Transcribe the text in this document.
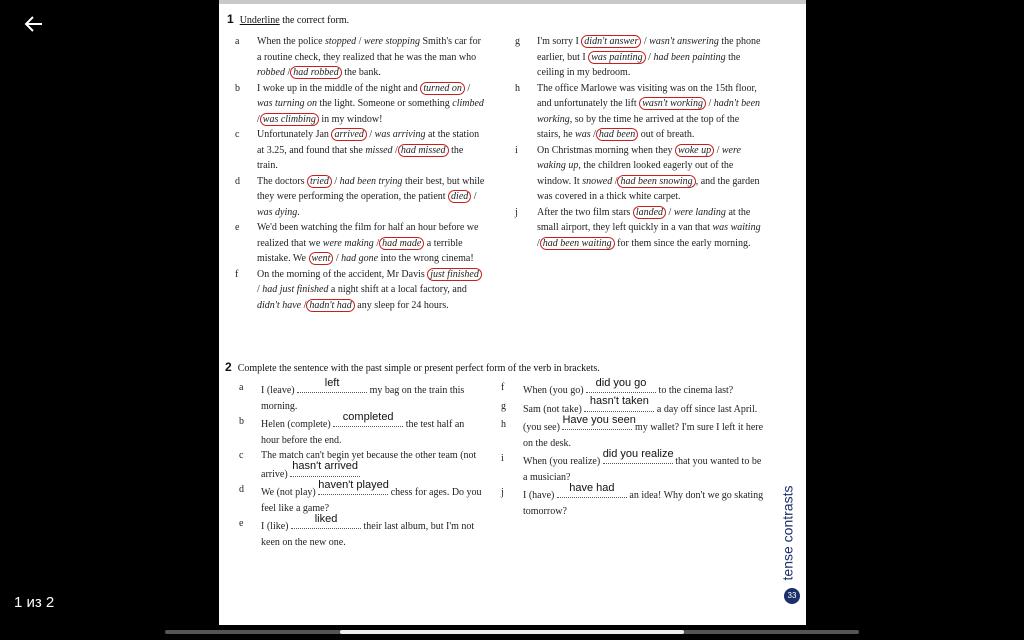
1 из 2
1 Underline the correct form.

a When the police stopped / were stopping Smith's car for a routine check, they realized that he was the man who robbed / had robbed the bank.

b I woke up in the middle of the night and turned on / was turning on the light. Someone or something climbed / was climbing in my window!

c Unfortunately Jan arrived / was arriving at the station at 3.25, and found that she missed / had missed the train.

d The doctors tried / had been trying their best, but while they were performing the operation, the patient died / was dying.

e We'd been watching the film for half an hour before we realized that we were making / had made a terrible mistake. We went / had gone into the wrong cinema!

f On the morning of the accident, Mr Davis just finished / had just finished a night shift at a local factory, and didn't have / hadn't had any sleep for 24 hours.

g I'm sorry I didn't answer / wasn't answering the phone earlier, but I was painting / had been painting the ceiling in my bedroom.

h The office Marlowe was visiting was on the 15th floor, and unfortunately the lift wasn't working / hadn't been working, so by the time he arrived at the top of the stairs, he was / had been out of breath.

i On Christmas morning when they woke up / were waking up, the children looked eagerly out of the window. It snowed / had been snowing , and the garden was covered in a thick white carpet.

j After the two film stars landed / were landing at the small airport, they left quickly in a van that was waiting / had been waiting for them since the early morning.

2 Complete the sentence with the past simple or present perfect form of the verb in brackets.

a I (leave)
left
my bag on the train this morning.

b Helen (complete)
completed
the test half an hour before the end.

c The match can't begin yet because the other team (not arrive)
hasn't arrived

d We (not play)
haven't played
chess for ages. Do you feel like a game?

e I (like)
liked
their last album, but I'm not keen on the new one.

f When (you go)
did you go
to the cinema last?

g Sam (not take)
hasn't taken
a day off since last April.

h (you see)
Have you seen
my wallet? I'm sure I left it here on the desk.

i When (you realize)
did you realize
that you wanted to be a musician?

j I (have)
have had
an idea! Why don't we go skating tomorrow?	tense contrasts
33
